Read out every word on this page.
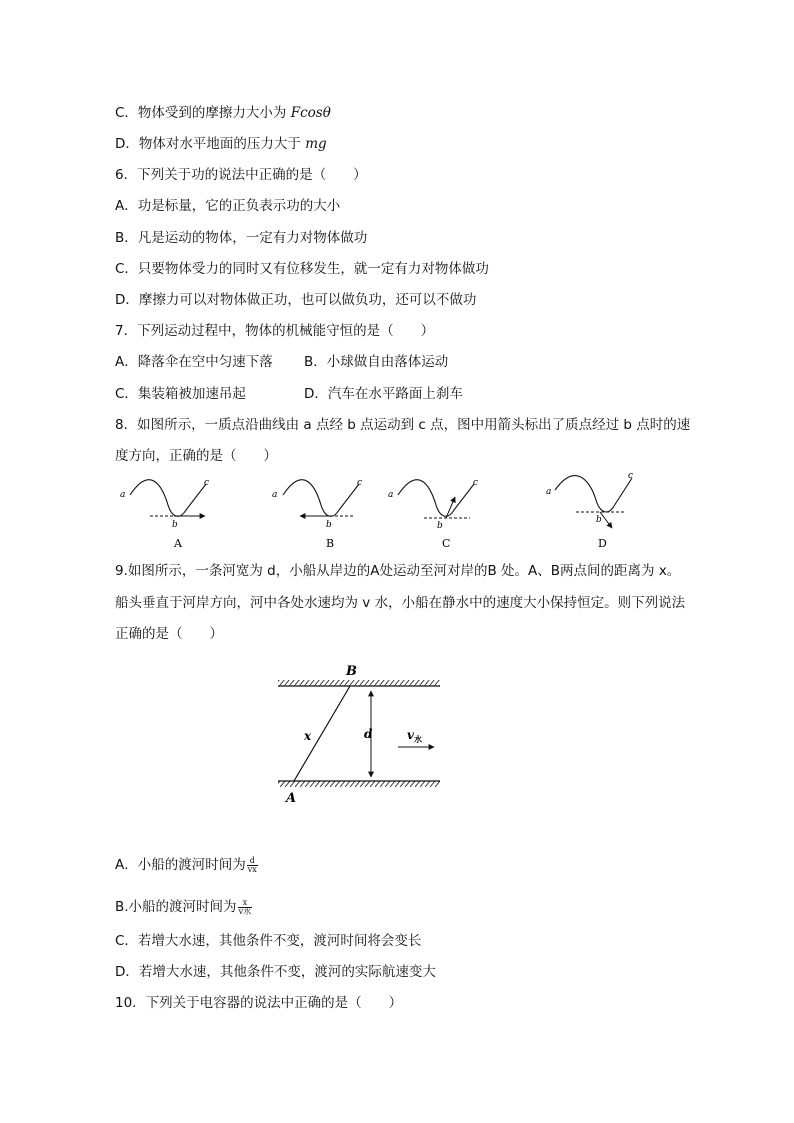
C．物体受到的摩擦力大小为 Fcosθ
D．物体对水平地面的压力大于 mg
6．下列关于功的说法中正确的是（　　）
A．功是标量，它的正负表示功的大小
B．凡是运动的物体，一定有力对物体做功
C．只要物体受力的同时又有位移发生，就一定有力对物体做功
D．摩擦力可以对物体做正功，也可以做负功，还可以不做功
7．下列运动过程中，物体的机械能守恒的是（　　）
A．降落伞在空中匀速下落 B．小球做自由落体运动
C．集装箱被加速吊起	D．汽车在水平路面上刹车
8．如图所示，一质点沿曲线由 a 点经 b 点运动到 c 点，图中用箭头标出了质点经过 b 点时的速
度方向，正确的是（　　）
a
b
c
A
a
b
c
B
a
b
c
C
a
b
c
D
9.如图所示，一条河宽为 d，小船从岸边的A处运动至河对岸的B 处。A、B两点间的距离为 x。
船头垂直于河岸方向，河中各处水速均为 v 水，小船在静水中的速度大小保持恒定。则下列说法
正确的是（　　）
B
A
x	d	$v_水$
A．小船的渡河时间为 $\frac{d}{vx}$
B.小船的渡河时间为 $\frac{x}{\text{v水}}$
C．若增大水速，其他条件不变，渡河时间将会变长
D．若增大水速，其他条件不变，渡河的实际航速变大
10．下列关于电容器的说法中正确的是（　　）
